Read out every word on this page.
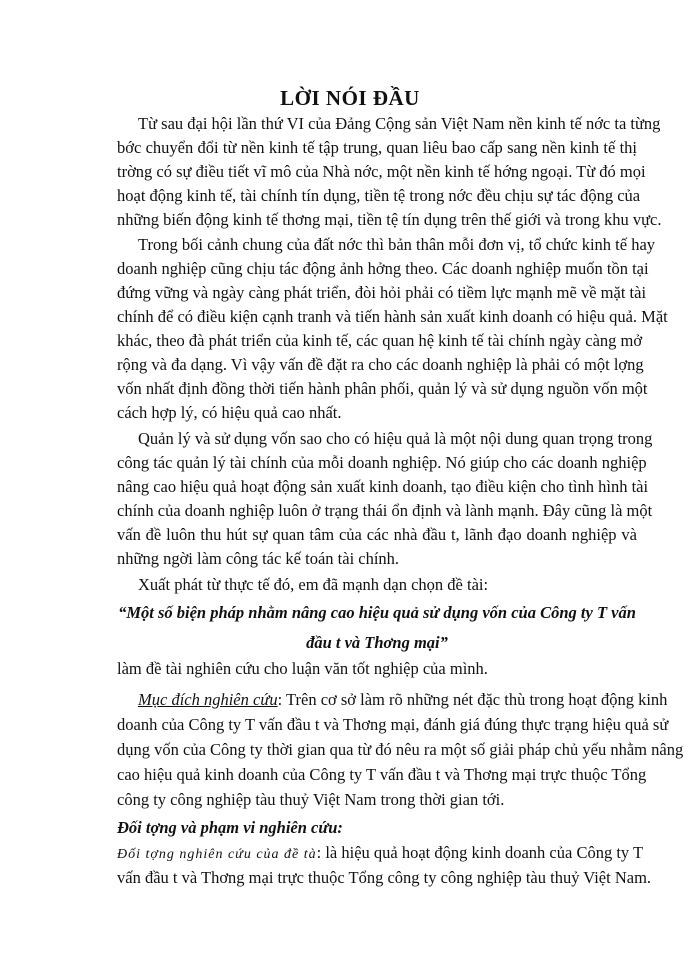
LỜI NÓI ĐẦU
Từ sau đại hội lần thứ VI của Đảng Cộng sản Việt Nam nền kinh tế nớc ta từng
bớc chuyển đổi từ nền kinh tế tập trung, quan liêu bao cấp sang nền kinh tế thị
trờng có sự điều tiết vĩ mô của Nhà nớc, một nền kinh tế hớng ngoại. Từ đó mọi
hoạt động kinh tế, tài chính tín dụng, tiền tệ trong nớc đều chịu sự tác động của
những biến động kinh tế thơng mại, tiền tệ tín dụng trên thế giới và trong khu vực.
Trong bối cảnh chung của đất nớc thì bản thân mỗi đơn vị, tổ chức kinh tế hay
doanh nghiệp cũng chịu tác động ảnh hởng theo. Các doanh nghiệp muốn tồn tại
đứng vững và ngày càng phát triển, đòi hỏi phải có tiềm lực mạnh mẽ về mặt tài
chính để có điều kiện cạnh tranh và tiến hành sản xuất kinh doanh có hiệu quả. Mặt
khác, theo đà phát triển của kinh tế, các quan hệ kinh tế tài chính ngày càng mở
rộng và đa dạng. Vì vậy vấn đề đặt ra cho các doanh nghiệp là phải có một lợng
vốn nhất định đồng thời tiến hành phân phối, quản lý và sử dụng nguồn vốn một
cách hợp lý, có hiệu quả cao nhất.
Quản lý và sử dụng vốn sao cho có hiệu quả là một nội dung quan trọng trong
công tác quản lý tài chính của mỗi doanh nghiệp. Nó giúp cho các doanh nghiệp
nâng cao hiệu quả hoạt động sản xuất kinh doanh, tạo điều kiện cho tình hình tài
chính của doanh nghiệp luôn ở trạng thái ổn định và lành mạnh. Đây cũng là một
vấn đề luôn thu hút sự quan tâm của các nhà đầu t, lãnh đạo doanh nghiệp và
những ngời làm công tác kế toán tài chính.
Xuất phát từ thực tế đó, em đã mạnh dạn chọn đề tài:
“Một số biện pháp nhằm nâng cao hiệu quả sử dụng vốn của Công ty T vấn
đầu t và Thơng mại”
làm đề tài nghiên cứu cho luận văn tốt nghiệp của mình.
Mục đích nghiên cứu: Trên cơ sở làm rõ những nét đặc thù trong hoạt động kinh
doanh của Công ty T vấn đầu t và Thơng mại, đánh giá đúng thực trạng hiệu quả sử
dụng vốn của Công ty thời gian qua từ đó nêu ra một số giải pháp chủ yếu nhằm nâng
cao hiệu quả kinh doanh của Công ty T vấn đầu t và Thơng mại trực thuộc Tổng
công ty công nghiệp tàu thuỷ Việt Nam trong thời gian tới.
Đối tợng và phạm vi nghiên cứu:
Đối tợng nghiên cứu của đề tà: là hiệu quả hoạt động kinh doanh của Công ty T
vấn đầu t và Thơng mại trực thuộc Tổng công ty công nghiệp tàu thuỷ Việt Nam.
